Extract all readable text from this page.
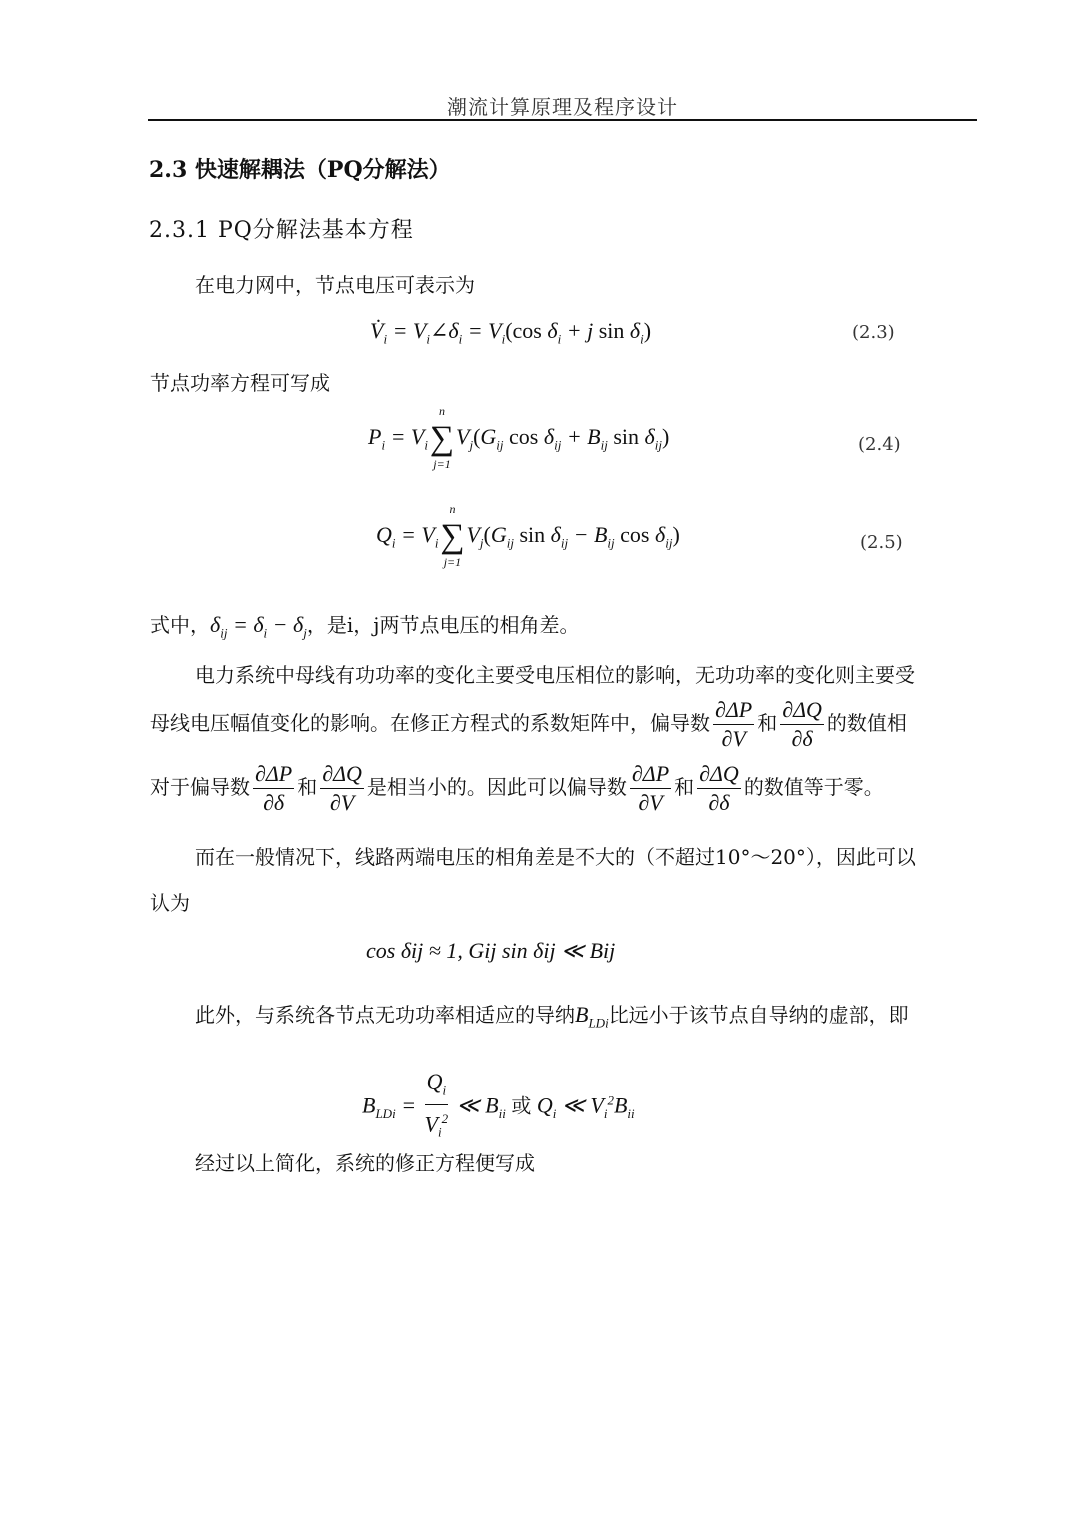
潮流计算原理及程序设计
2.3 快速解耦法（PQ分解法）
2.3.1 PQ分解法基本方程
在电力网中，节点电压可表示为
$V̇_i$ = $V_i\angle\delta_i = V_i(\cos$ $\delta_i + j$ $\sin \delta_i$)	(2.3)
节点功率方程可写成
$P_i = V_i\sum$
n
j=1
$V_j(G_{ij}$ $\cos \delta_{ij} + B_{ij}$ $\sin \delta_{ij}$)	(2.4)
$Q_i = V_i\sum$
n
j=1
$V_j(G_{ij}$ $\sin \delta_{ij} - B_{ij}$ $\cos \delta_{ij}$)	(2.5)
式中，$\delta_{ij} = \delta_i - \delta_j$，是i，j两节点电压的相角差。
电力系统中母线有功功率的变化主要受电压相位的影响，无功功率的变化则主要受
母线电压幅值变化的影响。在修正方程式的系数矩阵中，偏导数 $\frac{\partial\Delta P}{\partial V}$ 和 $\frac{\partial\Delta Q}{\partial\delta}$ 的数值相
对于偏导数 $\frac{\partial\Delta P}{\partial\delta}$ 和 $\frac{\partial\Delta Q}{\partial V}$ 是相当小的。因此可以偏导数 $\frac{\partial\Delta P}{\partial V}$ 和 $\frac{\partial\Delta Q}{\partial\delta}$ 的数值等于零。
而在一般情况下，线路两端电压的相角差是不大的（不超过10°～20°），因此可以
认为
cos δij ≈ 1, Gij sin δij ≪ Bij
此外，与系统各节点无功功率相适应的导纳$B_{LDi}$比远小于该节点自导纳的虚部，即
$B_{LDi} = \frac{Q_i}{V_i^2}$ ≪ $B_{ii}$ 或 $Q_i$ ≪ $V_i^2B_{ii}$
经过以上简化，系统的修正方程便写成
